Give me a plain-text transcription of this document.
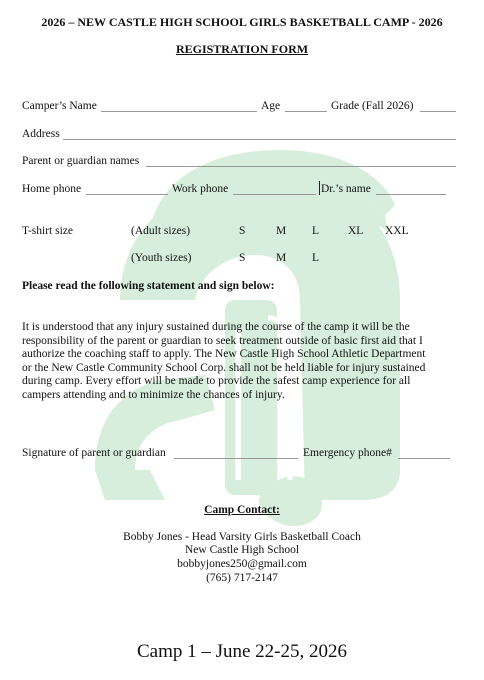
2026 – NEW CASTLE HIGH SCHOOL GIRLS BASKETBALL CAMP - 2026
REGISTRATION FORM
Camper’s Name	Age	Grade (Fall 2026)
Address
Parent or guardian names
Home phone	Work phone	Dr.’s name
T-shirt size	(Adult sizes)	S	M L	XL XXL
(Youth sizes)	S	M L
Please read the following statement and sign below:
It is understood that any injury sustained during the course of the camp it will be the
responsibility of the parent or guardian to seek treatment outside of basic first aid that I
authorize the coaching staff to apply. The New Castle High School Athletic Department
or the New Castle Community School Corp. shall not be held liable for injury sustained
during camp. Every effort will be made to provide the safest camp experience for all
campers attending and to minimize the chances of injury.
Signature of parent or guardian	Emergency phone#
Camp Contact:
Bobby Jones - Head Varsity Girls Basketball Coach
New Castle High School
bobbyjones250@gmail.com
(765) 717-2147
Camp 1 – June 22-25, 2026
